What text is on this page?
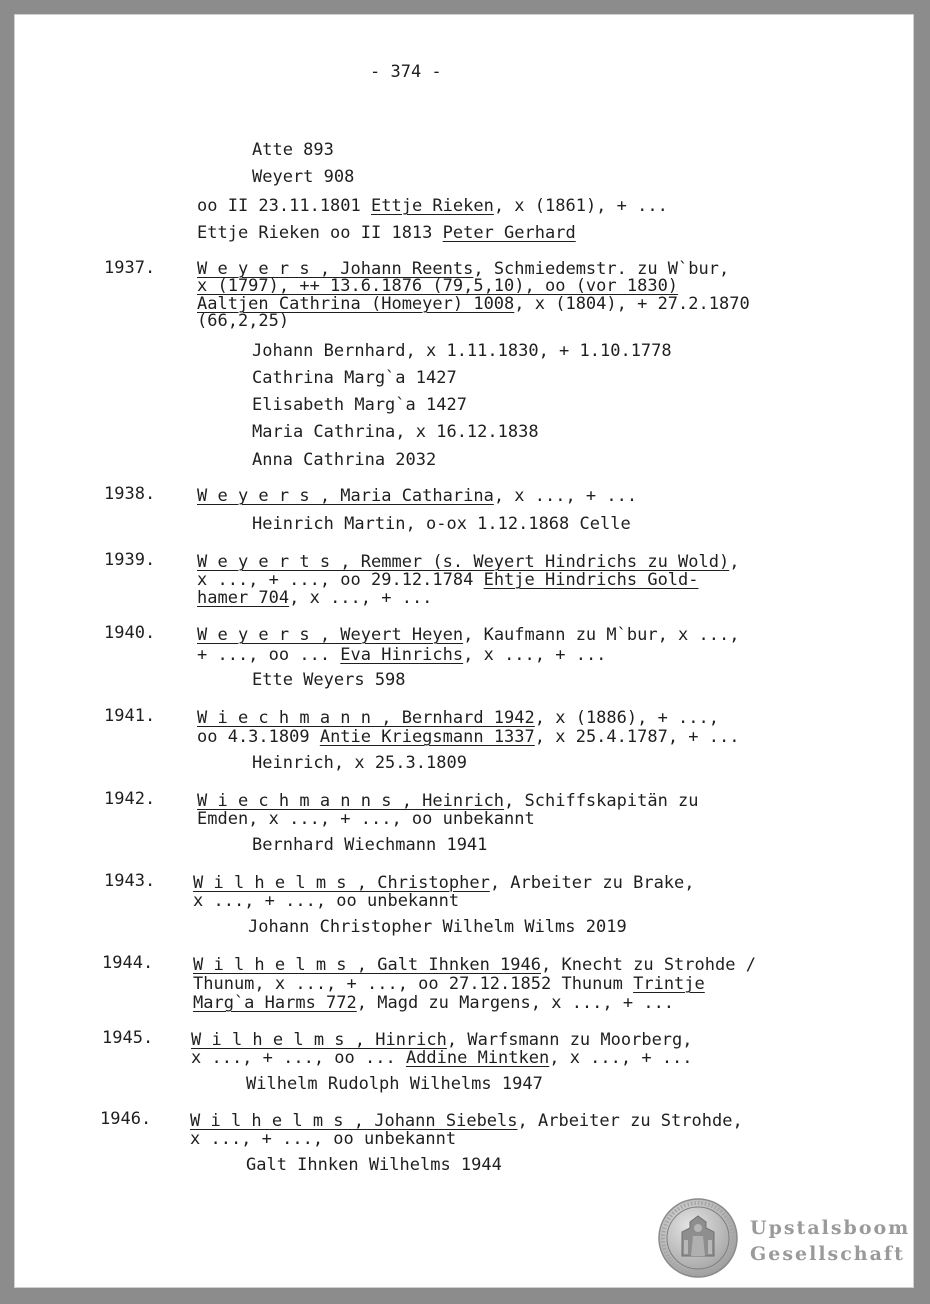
- 374 -
Atte 893
Weyert 908
oo II 23.11.1801 Ettje Rieken, x (1861), + ...
Ettje Rieken oo II 1813 Peter Gerhard
1937. W e y e r s , Johann Reents, Schmiedemstr. zu W`bur,
x (1797), ++ 13.6.1876 (79,5,10), oo (vor 1830)
Aaltjen Cathrina (Homeyer) 1008, x (1804), + 27.2.1870
(66,2,25)
Johann Bernhard, x 1.11.1830, + 1.10.1778
Cathrina Marg`a 1427
Elisabeth Marg`a 1427
Maria Cathrina, x 16.12.1838
Anna Cathrina 2032
1938. W e y e r s , Maria Catharina, x ..., + ...
Heinrich Martin, o-ox 1.12.1868 Celle
1939. W e y e r t s , Remmer (s. Weyert Hindrichs zu Wold),
x ..., + ..., oo 29.12.1784 Ehtje Hindrichs Gold-
hamer 704, x ..., + ...
1940. W e y e r s , Weyert Heyen, Kaufmann zu M`bur, x ...,
+ ..., oo ... Eva Hinrichs, x ..., + ...
Ette Weyers 598
1941. W i e c h m a n n , Bernhard 1942, x (1886), + ...,
oo 4.3.1809 Antie Kriegsmann 1337, x 25.4.1787, + ...
Heinrich, x 25.3.1809
1942. W i e c h m a n n s , Heinrich, Schiffskapitän zu
Emden, x ..., + ..., oo unbekannt
Bernhard Wiechmann 1941
1943. W i l h e l m s , Christopher, Arbeiter zu Brake,
x ..., + ..., oo unbekannt
Johann Christopher Wilhelm Wilms 2019
1944. W i l h e l m s , Galt Ihnken 1946, Knecht zu Strohde /
Thunum, x ..., + ..., oo 27.12.1852 Thunum Trintje
Marg`a Harms 772, Magd zu Margens, x ..., + ...
1945. W i l h e l m s , Hinrich, Warfsmann zu Moorberg,
x ..., + ..., oo ... Addine Mintken, x ..., + ...
Wilhelm Rudolph Wilhelms 1947
1946. W i l h e l m s , Johann Siebels, Arbeiter zu Strohde,
x ..., + ..., oo unbekannt
Galt Ihnken Wilhelms 1944
Upstalsboom
Gesellschaft
